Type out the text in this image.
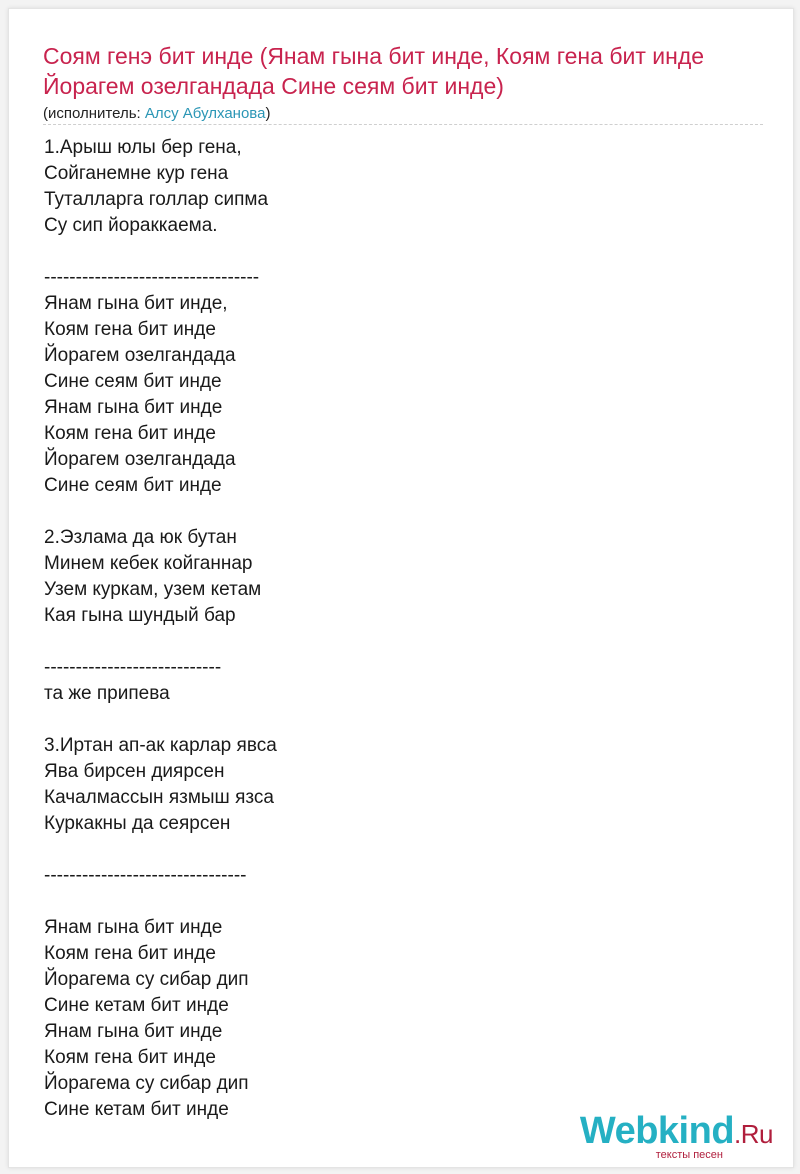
Соям генэ бит инде (Янам гына бит инде, Коям гена бит инде Йорагем озелгандада Сине сеям бит инде)
(исполнитель: Алсу Абулханова)
1.Арыш юлы бер гена,
Сойганемне кур гена
Туталларга голлар сипма
Су сип йораккаема.
----------------------------------
Янам гына бит инде,
Коям гена бит инде
Йорагем озелгандада
Сине сеям бит инде
Янам гына бит инде
Коям гена бит инде
Йорагем озелгандада
Сине сеям бит инде
2.Эзлама да юк бутан
Минем кебек койганнар
Узем куркам, узем кетам
Кая гына шундый бар
----------------------------
та же припева
3.Иртан ап-ак карлар явса
Ява бирсен диярсен
Качалмассын язмыш язса
Куркакны да сеярсен
--------------------------------
Янам гына бит инде
Коям гена бит инде
Йорагема су сибар дип
Сине кетам бит инде
Янам гына бит инде
Коям гена бит инде
Йорагема су сибар дип
Сине кетам бит инде
Webkind.Ru
тексты песен
